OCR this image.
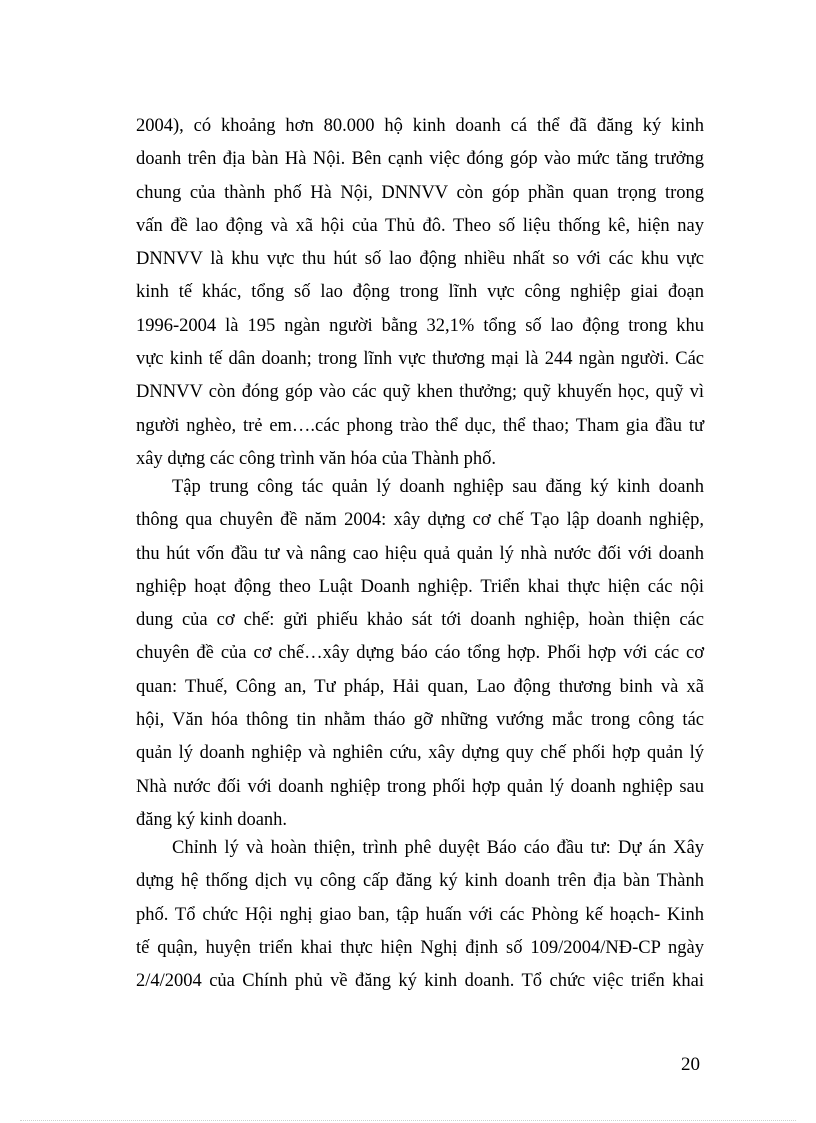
2004), có khoảng hơn 80.000 hộ kinh doanh cá thể đã đăng ký kinh
doanh trên địa bàn Hà Nội. Bên cạnh việc đóng góp vào mức tăng trưởng
chung của thành phố Hà Nội, DNNVV còn góp phần quan trọng trong
vấn đề lao động và xã hội của Thủ đô. Theo số liệu thống kê, hiện nay
DNNVV là khu vực thu hút số lao động nhiều nhất so với các khu vực
kinh tế khác, tổng số lao động trong lĩnh vực công nghiệp giai đoạn
1996-2004 là 195 ngàn người bằng 32,1% tổng số lao động trong khu
vực kinh tế dân doanh; trong lĩnh vực thương mại là 244 ngàn người. Các
DNNVV còn đóng góp vào các quỹ khen thưởng; quỹ khuyến học, quỹ vì
người nghèo, trẻ em….các phong trào thể dục, thể thao; Tham gia đầu tư
xây dựng các công trình văn hóa của Thành phố.

Tập trung công tác quản lý doanh nghiệp sau đăng ký kinh doanh
thông qua chuyên đề năm 2004: xây dựng cơ chế Tạo lập doanh nghiệp,
thu hút vốn đầu tư và nâng cao hiệu quả quản lý nhà nước đối với doanh
nghiệp hoạt động theo Luật Doanh nghiệp. Triển khai thực hiện các nội
dung của cơ chế: gửi phiếu khảo sát tới doanh nghiệp, hoàn thiện các
chuyên đề của cơ chế…xây dựng báo cáo tổng hợp. Phối hợp với các cơ
quan: Thuế, Công an, Tư pháp, Hải quan, Lao động thương binh và xã
hội, Văn hóa thông tin nhằm tháo gỡ những vướng mắc trong công tác
quản lý doanh nghiệp và nghiên cứu, xây dựng quy chế phối hợp quản lý
Nhà nước đối với doanh nghiệp trong phối hợp quản lý doanh nghiệp sau
đăng ký kinh doanh.

Chỉnh lý và hoàn thiện, trình phê duyệt Báo cáo đầu tư: Dự án Xây
dựng hệ thống dịch vụ công cấp đăng ký kinh doanh trên địa bàn Thành
phố. Tổ chức Hội nghị giao ban, tập huấn với các Phòng kế hoạch- Kinh
tế quận, huyện triển khai thực hiện Nghị định số 109/2004/NĐ-CP ngày
2/4/2004 của Chính phủ về đăng ký kinh doanh. Tổ chức việc triển khai

20
